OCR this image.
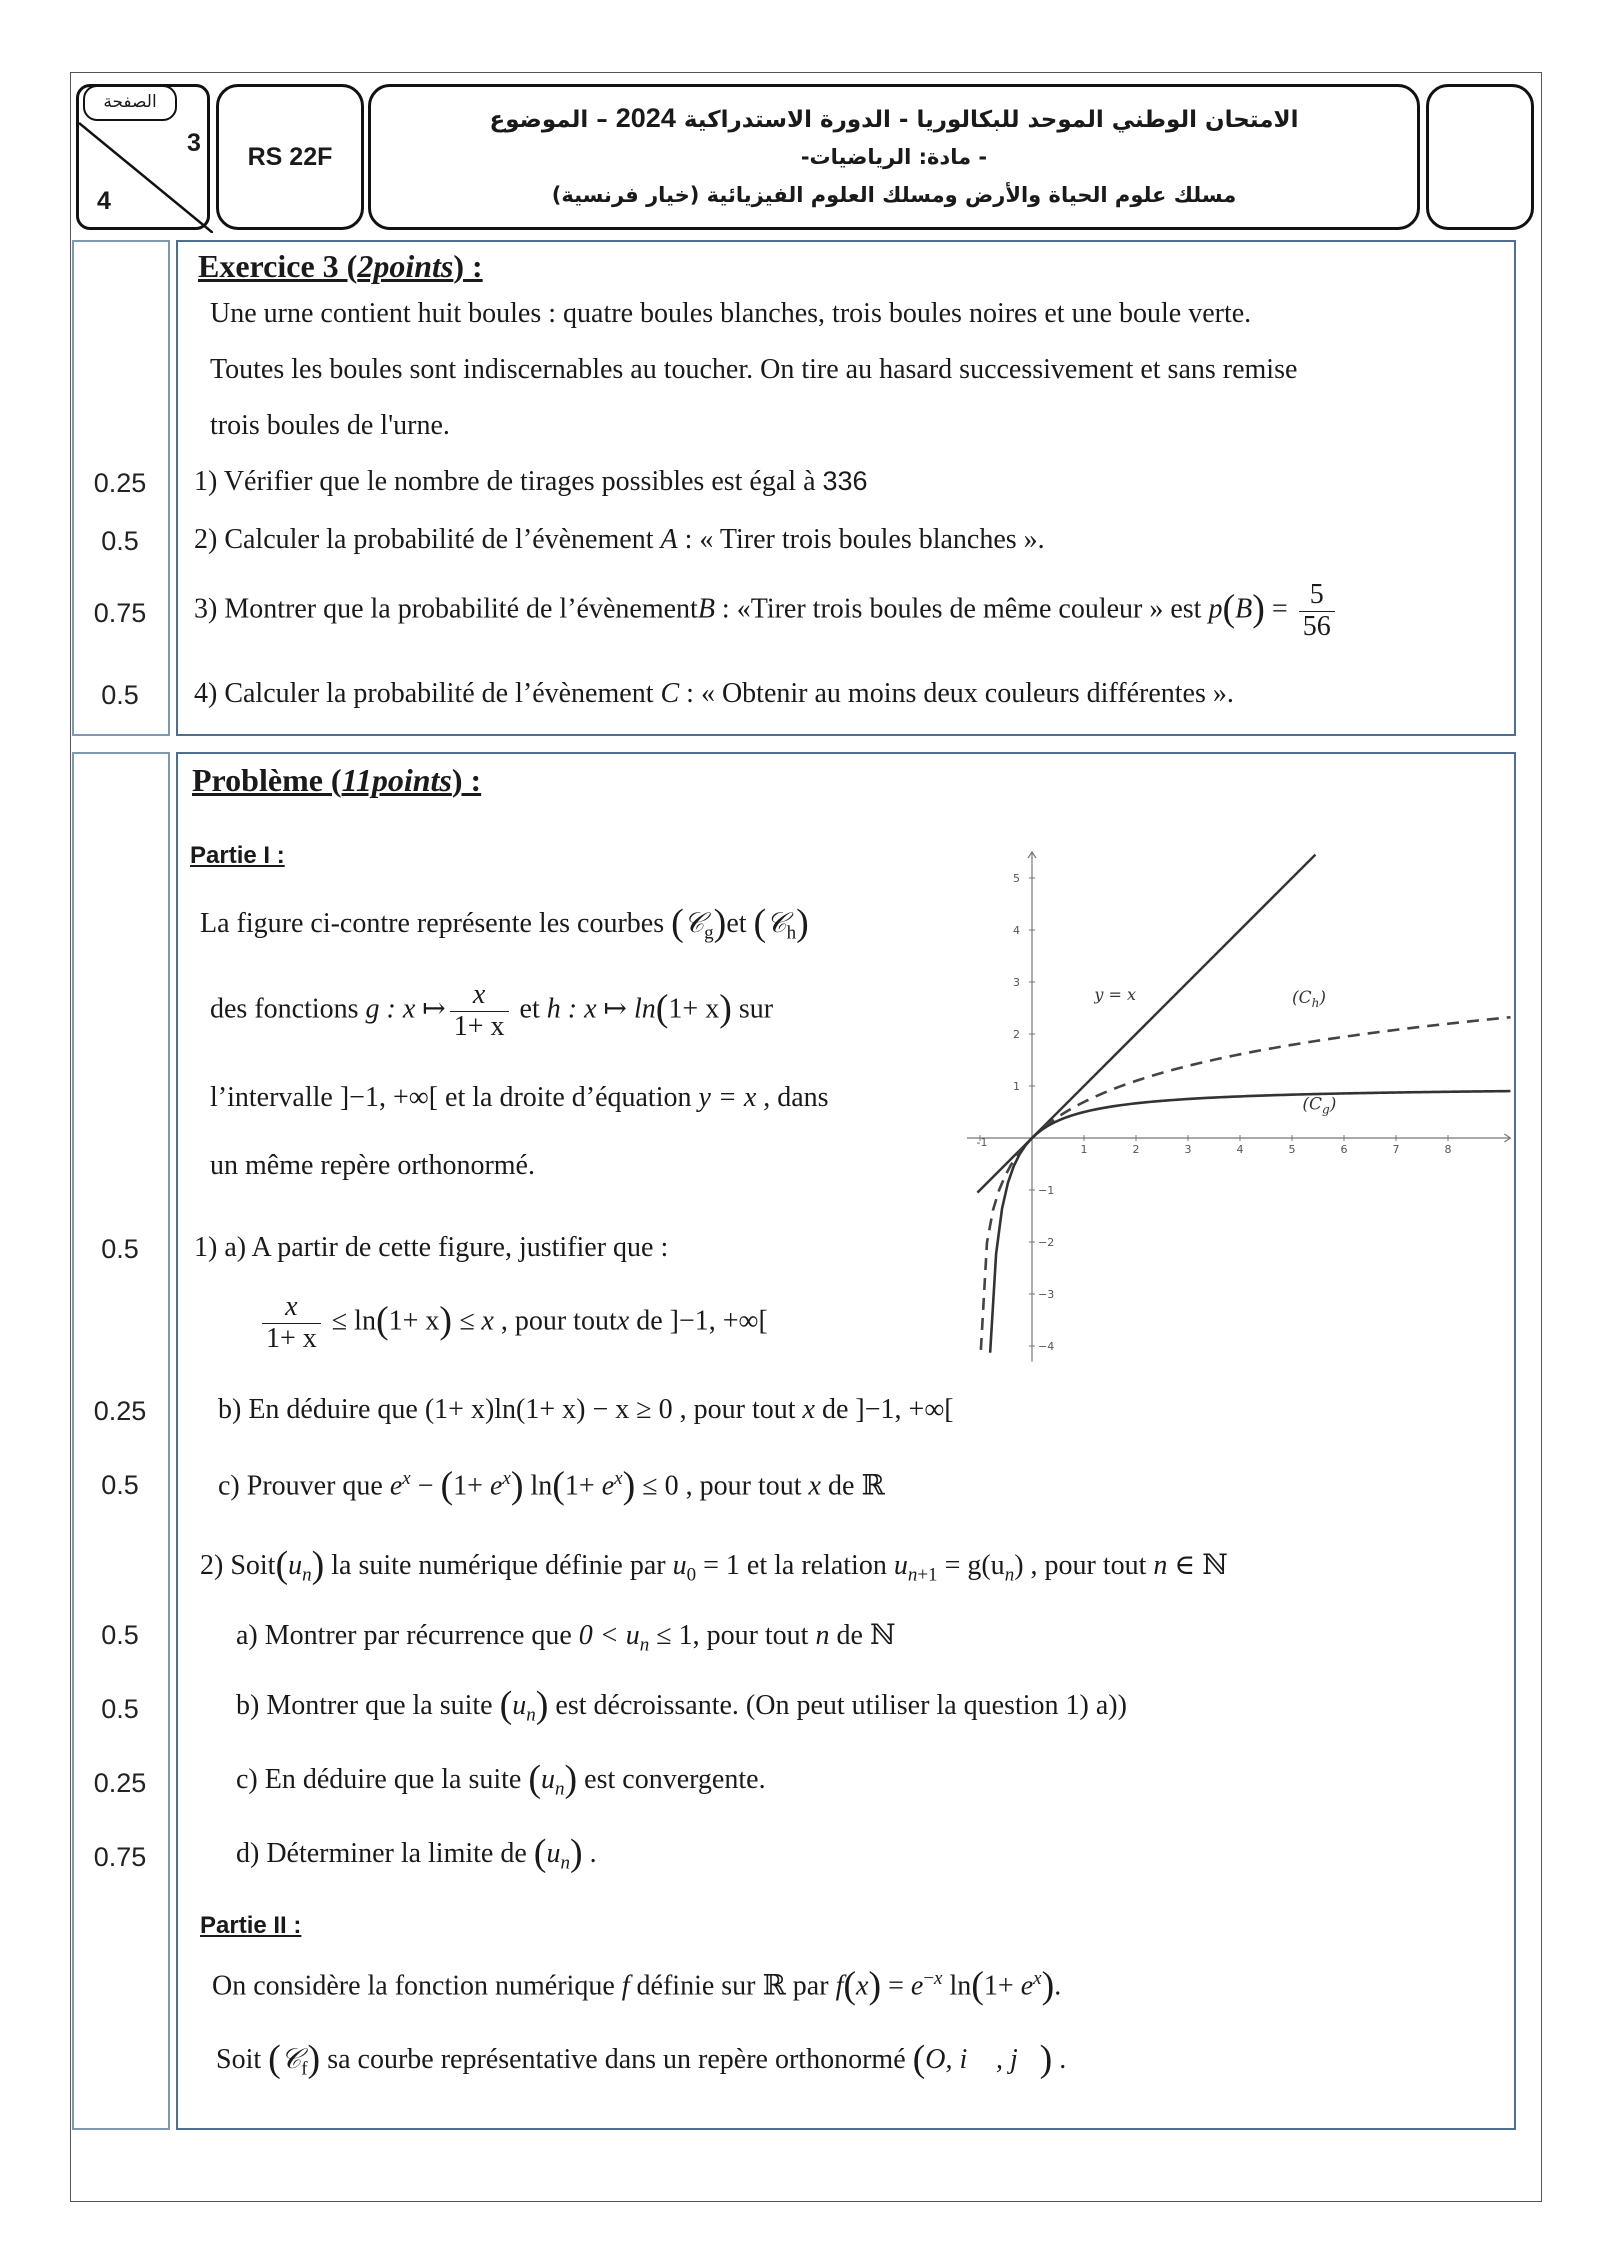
الصفحة
3
4
RS 22F
الامتحان الوطني الموحد للبكالوريا - الدورة الاستدراكية 2024 – الموضوع
- مادة: الرياضيات-
مسلك علوم الحياة والأرض ومسلك العلوم الفيزيائية (خيار فرنسية)
Exercice 3 (2points) :
Une urne contient huit boules : quatre boules blanches, trois boules noires et une boule verte.
Toutes les boules sont indiscernables au toucher. On tire au hasard successivement et sans remise
trois boules de l'urne.
0.25	1) Vérifier que le nombre de tirages possibles est égal à 336
0.5	2) Calculer la probabilité de l’évènement A : « Tirer trois boules blanches ».
0.75	3) Montrer que la probabilité de l’évènementB : «Tirer trois boules de même couleur » est $p(B) = \frac{5}{56}$
0.5	4) Calculer la probabilité de l’évènement C : « Obtenir au moins deux couleurs différentes ».
Problème (11points) :
Partie I :
La figure ci-contre représente les courbes (𝒞$_g$)et (𝒞$_h$)
des fonctions g : x ↦ $\frac{x}{1+ x}$ et h : x ↦ ln(1+ x) sur
l’intervalle ]−1, +∞[ et la droite d’équation y = x , dans
un même repère orthonormé.
0.5	1) a) A partir de cette figure, justifier que :
$\frac{x}{1+ x} \le \ln(1+ x) \le x$ , pour toutx de ]−1, +∞[
0.25	b) En déduire que (1+ x)ln(1+ x) − x ≥ 0 , pour tout x de ]−1, +∞[
0.5	c) Prouver que $e^x - (1+ e^x)$ $\ln(1+ e^x) \le 0$ , pour tout x de ℝ
2) $Soit(u_n)$ la suite numérique définie par $u_0 = 1$ et la relation $u_{n+1} = g(u_n)$ , pour tout n ∈ ℕ
0.5	a) Montrer par récurrence que $0 < u_n \le 1$, pour tout n de ℕ
0.5	b) Montrer que la suite $(u_n)$ est décroissante. (On peut utiliser la question 1) a))
0.25	c) En déduire que la suite $(u_n)$ est convergente.
0.75	d) Déterminer la limite de $(u_n)$ .
Partie II :
On considère la fonction numérique f définie sur ℝ par $f(x) = e^{-x}$ $\ln(1+ e^x)$.
Soit (𝒞$_f$) sa courbe représentative dans un repère orthonormé (O, i⃗ , j⃗) .
1	2	3	4	5	6	7	8
-1
5
4
3
2
1
−1
−2
−3
−4
y = x	$(C_h)$
$(C_g)$
